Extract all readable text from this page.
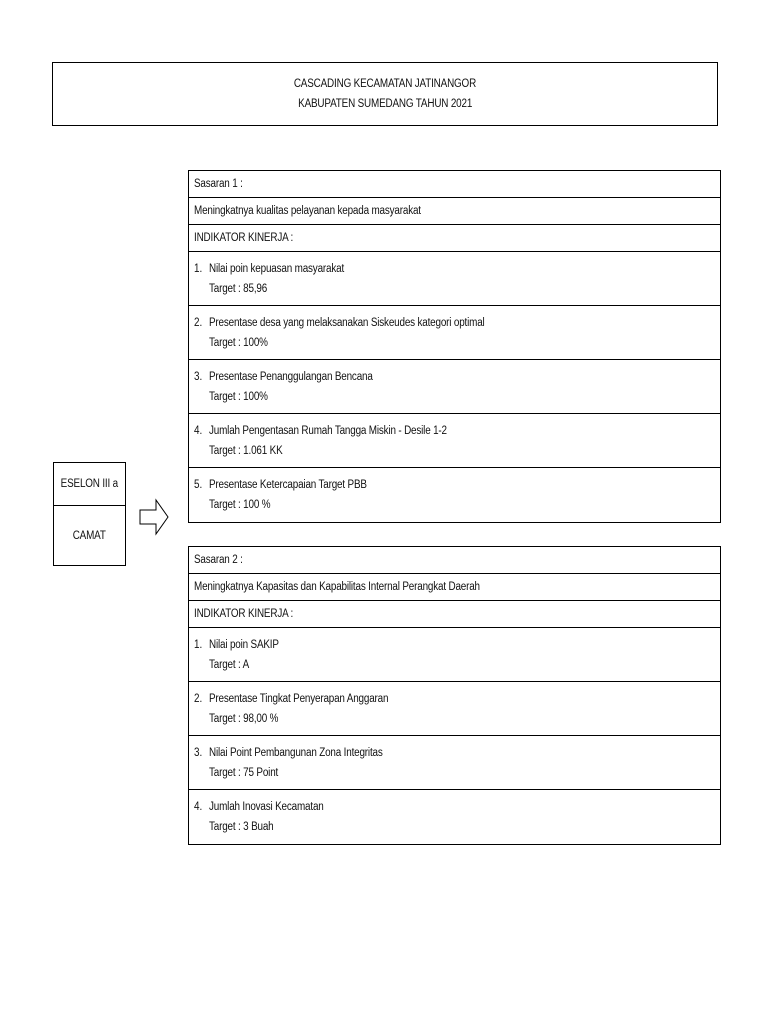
CASCADING KECAMATAN JATINANGOR
KABUPATEN SUMEDANG TAHUN 2021
ESELON III a
CAMAT
Sasaran 1 :
Meningkatnya kualitas pelayanan kepada masyarakat
INDIKATOR KINERJA :
1. Nilai poin kepuasan masyarakat
Target : 85,96
2. Presentase desa yang melaksanakan Siskeudes kategori optimal
Target : 100%
3. Presentase Penanggulangan Bencana
Target : 100%
4. Jumlah Pengentasan Rumah Tangga Miskin - Desile 1-2
Target : 1.061 KK
5. Presentase Ketercapaian Target PBB
Target : 100 %
Sasaran 2 :
Meningkatnya Kapasitas dan Kapabilitas Internal Perangkat Daerah
INDIKATOR KINERJA :
1. Nilai poin SAKIP
Target : A
2. Presentase Tingkat Penyerapan Anggaran
Target : 98,00 %
3. Nilai Point Pembangunan Zona Integritas
Target : 75 Point
4. Jumlah Inovasi Kecamatan
Target : 3 Buah
